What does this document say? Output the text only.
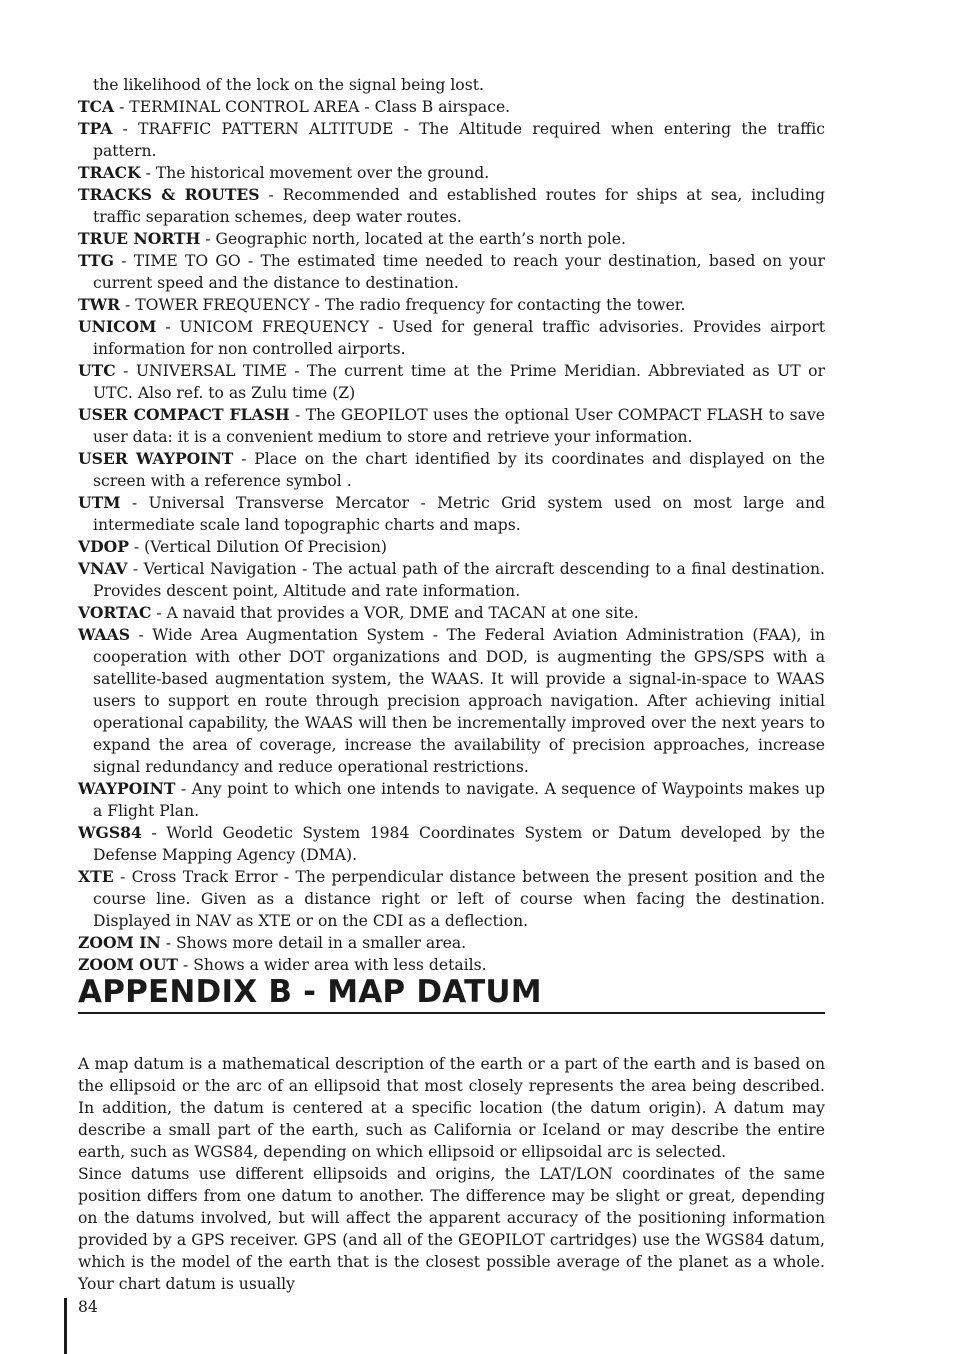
the likelihood of the lock on the signal being lost.
TCA - TERMINAL CONTROL AREA - Class B airspace.
TPA - TRAFFIC PATTERN ALTITUDE - The Altitude required when entering the traffic pattern.
TRACK - The historical movement over the ground.
TRACKS & ROUTES - Recommended and established routes for ships at sea, including traffic separation schemes, deep water routes.
TRUE NORTH - Geographic north, located at the earth’s north pole.
TTG - TIME TO GO - The estimated time needed to reach your destination, based on your current speed and the distance to destination.
TWR - TOWER FREQUENCY - The radio frequency for contacting the tower.
UNICOM - UNICOM FREQUENCY - Used for general traffic advisories. Provides airport information for non controlled airports.
UTC - UNIVERSAL TIME - The current time at the Prime Meridian. Abbreviated as UT or UTC. Also ref. to as Zulu time (Z)
USER COMPACT FLASH - The GEOPILOT uses the optional User COMPACT FLASH to save user data: it is a convenient medium to store and retrieve your information.
USER WAYPOINT - Place on the chart identified by its coordinates and displayed on the screen with a reference symbol .
UTM - Universal Transverse Mercator - Metric Grid system used on most large and intermediate scale land topographic charts and maps.
VDOP - (Vertical Dilution Of Precision)
VNAV - Vertical Navigation - The actual path of the aircraft descending to a final destination. Provides descent point, Altitude and rate information.
VORTAC - A navaid that provides a VOR, DME and TACAN at one site.
WAAS - Wide Area Augmentation System - The Federal Aviation Administration (FAA), in cooperation with other DOT organizations and DOD, is augmenting the GPS/SPS with a satellite-based augmentation system, the WAAS. It will provide a signal-in-space to WAAS users to support en route through precision approach navigation. After achieving initial operational capability, the WAAS will then be incrementally improved over the next years to expand the area of coverage, increase the availability of precision approaches, increase signal redundancy and reduce operational restrictions.
WAYPOINT - Any point to which one intends to navigate. A sequence of Waypoints makes up a Flight Plan.
WGS84 - World Geodetic System 1984 Coordinates System or Datum developed by the Defense Mapping Agency (DMA).
XTE - Cross Track Error - The perpendicular distance between the present position and the course line. Given as a distance right or left of course when facing the destination. Displayed in NAV as XTE or on the CDI as a deflection.
ZOOM IN - Shows more detail in a smaller area.
ZOOM OUT - Shows a wider area with less details.
APPENDIX B - MAP DATUM

A map datum is a mathematical description of the earth or a part of the earth and is based on the ellipsoid or the arc of an ellipsoid that most closely represents the area being described. In addition, the datum is centered at a specific location (the datum origin). A datum may describe a small part of the earth, such as California or Iceland or may describe the entire earth, such as WGS84, depending on which ellipsoid or ellipsoidal arc is selected.

Since datums use different ellipsoids and origins, the LAT/LON coordinates of the same position differs from one datum to another. The difference may be slight or great, depending on the datums involved, but will affect the apparent accuracy of the positioning information provided by a GPS receiver. GPS (and all of the GEOPILOT cartridges) use the WGS84 datum, which is the model of the earth that is the closest possible average of the planet as a whole. Your chart datum is usually

84
